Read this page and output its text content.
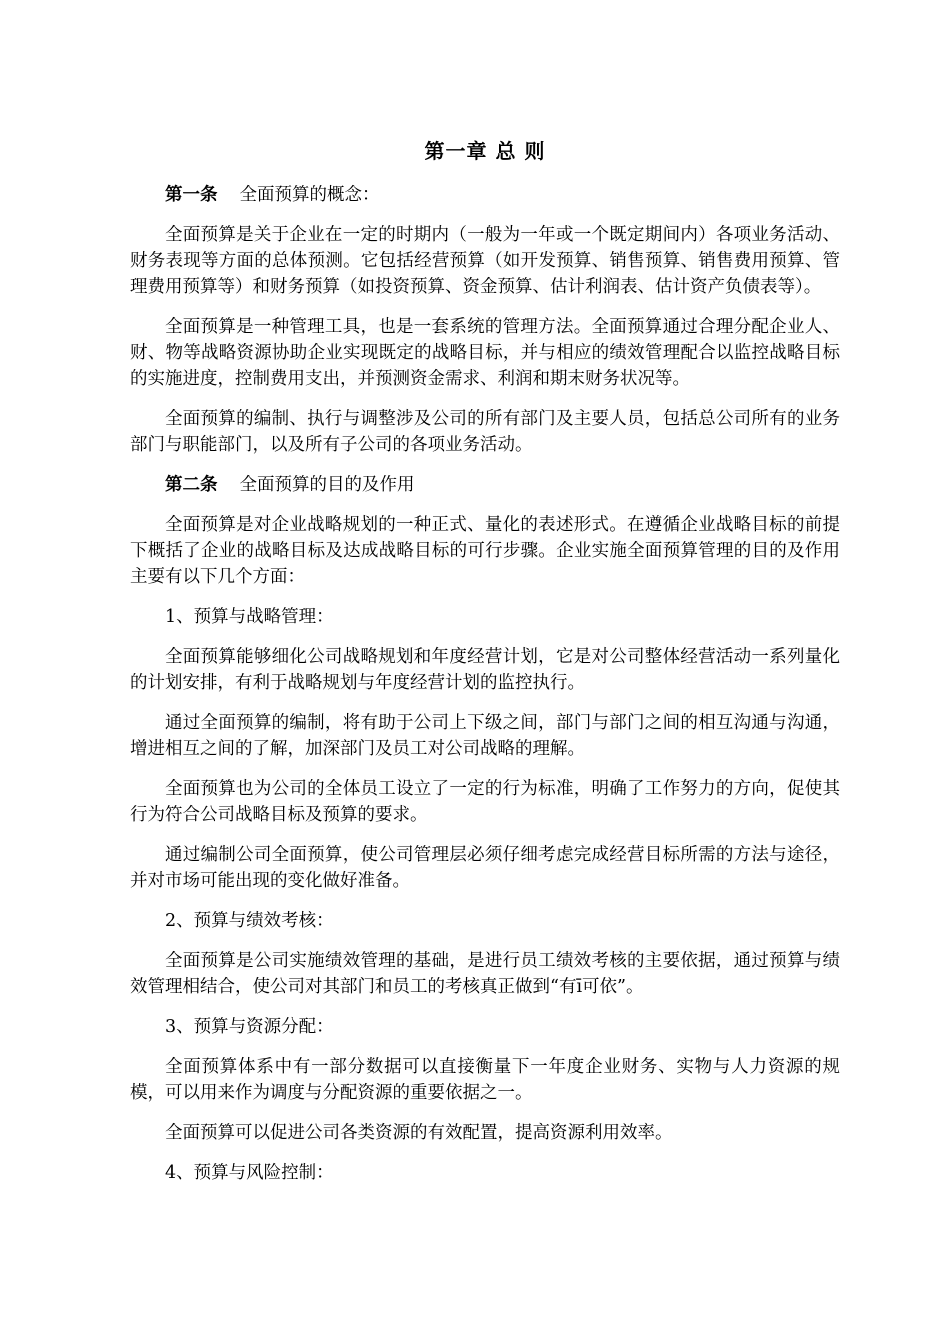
第一章 总 则

第一条 全面预算的概念：

全面预算是关于企业在一定的时期内（一般为一年或一个既定期间内）各项业务活动、财务表现等方面的总体预测。它包括经营预算（如开发预算、销售预算、销售费用预算、管理费用预算等）和财务预算（如投资预算、资金预算、估计利润表、估计资产负债表等）。

全面预算是一种管理工具，也是一套系统的管理方法。全面预算通过合理分配企业人、财、物等战略资源协助企业实现既定的战略目标，并与相应的绩效管理配合以监控战略目标的实施进度，控制费用支出，并预测资金需求、利润和期末财务状况等。

全面预算的编制、执行与调整涉及公司的所有部门及主要人员，包括总公司所有的业务部门与职能部门，以及所有子公司的各项业务活动。

第二条 全面预算的目的及作用

全面预算是对企业战略规划的一种正式、量化的表述形式。在遵循企业战略目标的前提下概括了企业的战略目标及达成战略目标的可行步骤。企业实施全面预算管理的目的及作用主要有以下几个方面：

1、预算与战略管理：

全面预算能够细化公司战略规划和年度经营计划，它是对公司整体经营活动一系列量化的计划安排，有利于战略规划与年度经营计划的监控执行。

通过全面预算的编制，将有助于公司上下级之间，部门与部门之间的相互沟通与沟通，增进相互之间的了解，加深部门及员工对公司战略的理解。

全面预算也为公司的全体员工设立了一定的行为标准，明确了工作努力的方向，促使其行为符合公司战略目标及预算的要求。

通过编制公司全面预算，使公司管理层必须仔细考虑完成经营目标所需的方法与途径，并对市场可能出现的变化做好准备。

2、预算与绩效考核：

全面预算是公司实施绩效管理的基础，是进行员工绩效考核的主要依据，通过预算与绩效管理相结合，使公司对其部门和员工的考核真正做到“有ī可依”。

3、预算与资源分配：

全面预算体系中有一部分数据可以直接衡量下一年度企业财务、实物与人力资源的规模，可以用来作为调度与分配资源的重要依据之一。

全面预算可以促进公司各类资源的有效配置，提高资源利用效率。

4、预算与风险控制：
